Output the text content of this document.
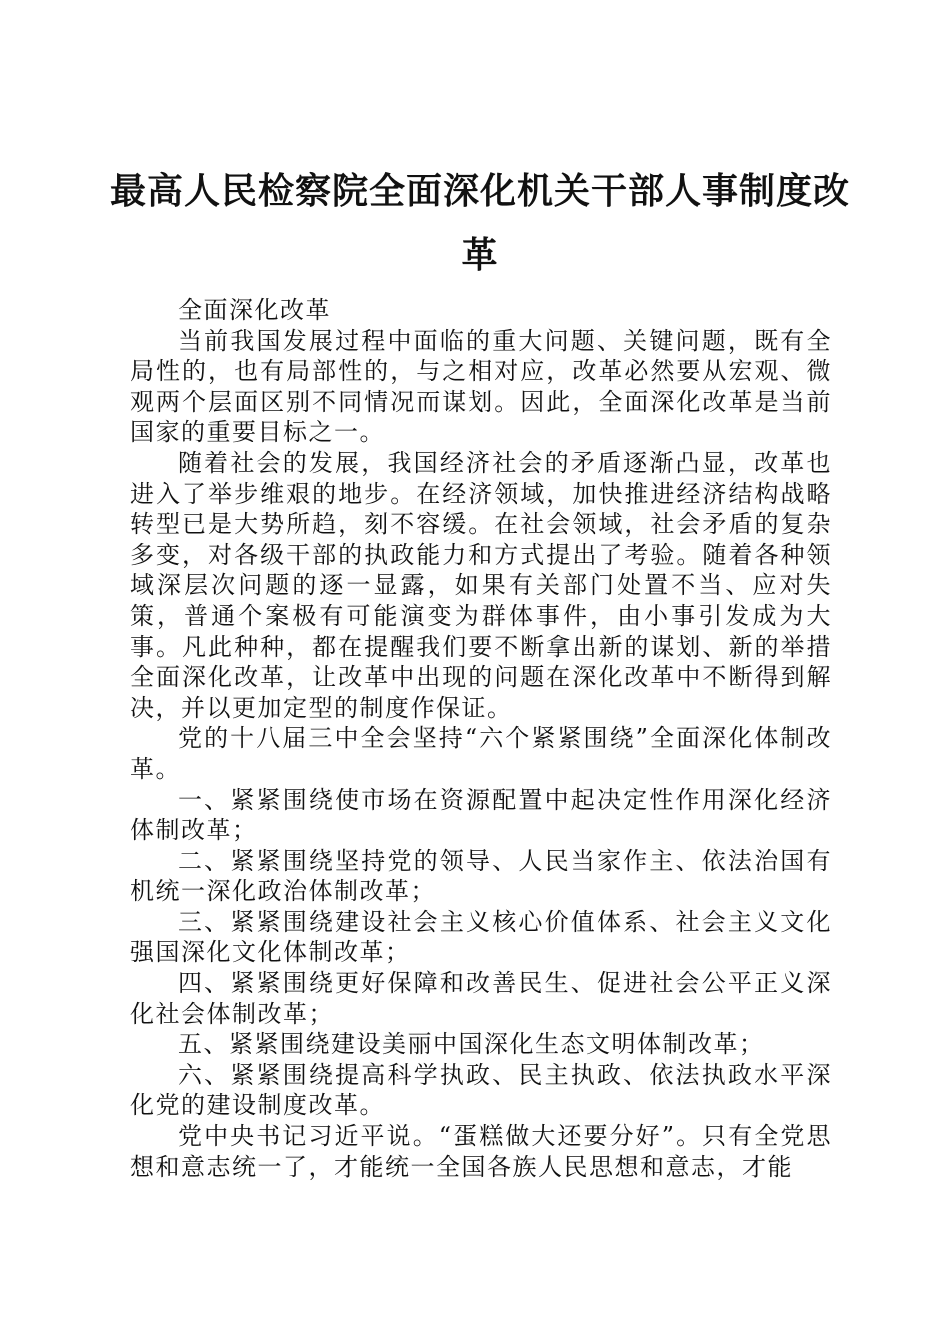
最高人民检察院全面深化机关干部人事制度改革

全面深化改革

当前我国发展过程中面临的重大问题、关键问题，既有全局性的，也有局部性的，与之相对应，改革必然要从宏观、微观两个层面区别不同情况而谋划。因此，全面深化改革是当前国家的重要目标之一。

随着社会的发展，我国经济社会的矛盾逐渐凸显，改革也进入了举步维艰的地步。在经济领域，加快推进经济结构战略转型已是大势所趋，刻不容缓。在社会领域，社会矛盾的复杂多变，对各级干部的执政能力和方式提出了考验。随着各种领域深层次问题的逐一显露，如果有关部门处置不当、应对失策，普通个案极有可能演变为群体事件，由小事引发成为大事。凡此种种，都在提醒我们要不断拿出新的谋划、新的举措全面深化改革，让改革中出现的问题在深化改革中不断得到解决，并以更加定型的制度作保证。

党的十八届三中全会坚持“六个紧紧围绕”全面深化体制改革。

一、紧紧围绕使市场在资源配置中起决定性作用深化经济体制改革；

二、紧紧围绕坚持党的领导、人民当家作主、依法治国有机统一深化政治体制改革；

三、紧紧围绕建设社会主义核心价值体系、社会主义文化强国深化文化体制改革；

四、紧紧围绕更好保障和改善民生、促进社会公平正义深化社会体制改革；

五、紧紧围绕建设美丽中国深化生态文明体制改革；

六、紧紧围绕提高科学执政、民主执政、依法执政水平深化党的建设制度改革。

党中央书记习近平说。“蛋糕做大还要分好”。只有全党思想和意志统一了，才能统一全国各族人民思想和意志，才能
